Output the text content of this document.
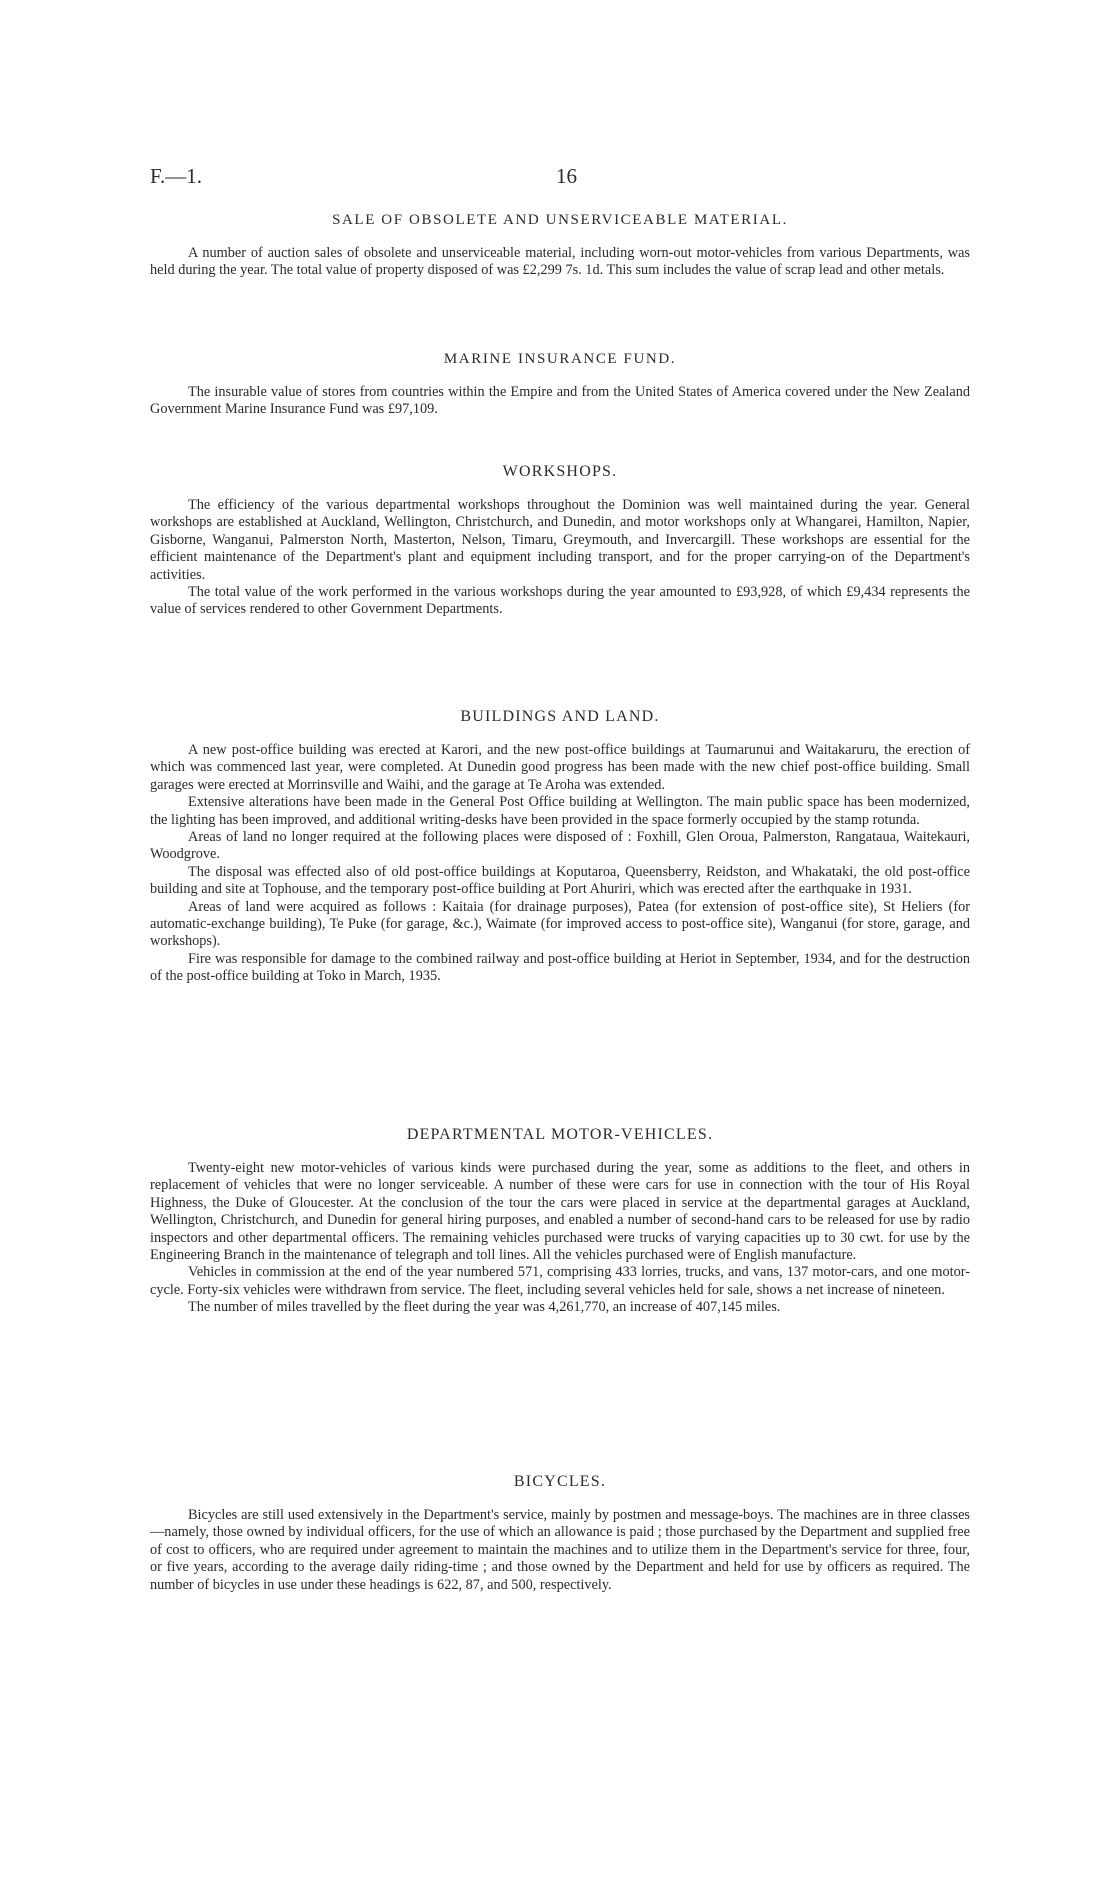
F.—1.	16
SALE OF OBSOLETE AND UNSERVICEABLE MATERIAL.

A number of auction sales of obsolete and unserviceable material, including worn-out motor-vehicles from various Departments, was held during the year. The total value of property disposed of was £2,299 7s. 1d. This sum includes the value of scrap lead and other metals.

MARINE INSURANCE FUND.

The insurable value of stores from countries within the Empire and from the United States of America covered under the New Zealand Government Marine Insurance Fund was £97,109.

WORKSHOPS.

The efficiency of the various departmental workshops throughout the Dominion was well maintained during the year. General workshops are established at Auckland, Wellington, Christchurch, and Dunedin, and motor workshops only at Whangarei, Hamilton, Napier, Gisborne, Wanganui, Palmerston North, Masterton, Nelson, Timaru, Greymouth, and Invercargill. These workshops are essential for the efficient maintenance of the Department's plant and equipment including transport, and for the proper carrying-on of the Department's activities.

The total value of the work performed in the various workshops during the year amounted to £93,928, of which £9,434 represents the value of services rendered to other Government Departments.

BUILDINGS AND LAND.

A new post-office building was erected at Karori, and the new post-office buildings at Taumarunui and Waitakaruru, the erection of which was commenced last year, were completed. At Dunedin good progress has been made with the new chief post-office building. Small garages were erected at Morrinsville and Waihi, and the garage at Te Aroha was extended.

Extensive alterations have been made in the General Post Office building at Wellington. The main public space has been modernized, the lighting has been improved, and additional writing-desks have been provided in the space formerly occupied by the stamp rotunda.

Areas of land no longer required at the following places were disposed of : Foxhill, Glen Oroua, Palmerston, Rangataua, Waitekauri, Woodgrove.

The disposal was effected also of old post-office buildings at Koputaroa, Queensberry, Reidston, and Whakataki, the old post-office building and site at Tophouse, and the temporary post-office building at Port Ahuriri, which was erected after the earthquake in 1931.

Areas of land were acquired as follows : Kaitaia (for drainage purposes), Patea (for extension of post-office site), St Heliers (for automatic-exchange building), Te Puke (for garage, &c.), Waimate (for improved access to post-office site), Wanganui (for store, garage, and workshops).

Fire was responsible for damage to the combined railway and post-office building at Heriot in September, 1934, and for the destruction of the post-office building at Toko in March, 1935.

DEPARTMENTAL MOTOR-VEHICLES.

Twenty-eight new motor-vehicles of various kinds were purchased during the year, some as additions to the fleet, and others in replacement of vehicles that were no longer serviceable. A number of these were cars for use in connection with the tour of His Royal Highness, the Duke of Gloucester. At the conclusion of the tour the cars were placed in service at the departmental garages at Auckland, Wellington, Christchurch, and Dunedin for general hiring purposes, and enabled a number of second-hand cars to be released for use by radio inspectors and other departmental officers. The remaining vehicles purchased were trucks of varying capacities up to 30 cwt. for use by the Engineering Branch in the maintenance of telegraph and toll lines. All the vehicles purchased were of English manufacture.

Vehicles in commission at the end of the year numbered 571, comprising 433 lorries, trucks, and vans, 137 motor-cars, and one motor-cycle. Forty-six vehicles were withdrawn from service. The fleet, including several vehicles held for sale, shows a net increase of nineteen.

The number of miles travelled by the fleet during the year was 4,261,770, an increase of 407,145 miles.

BICYCLES.

Bicycles are still used extensively in the Department's service, mainly by postmen and message-boys. The machines are in three classes—namely, those owned by individual officers, for the use of which an allowance is paid ; those purchased by the Department and supplied free of cost to officers, who are required under agreement to maintain the machines and to utilize them in the Department's service for three, four, or five years, according to the average daily riding-time ; and those owned by the Department and held for use by officers as required. The number of bicycles in use under these headings is 622, 87, and 500, respectively.
